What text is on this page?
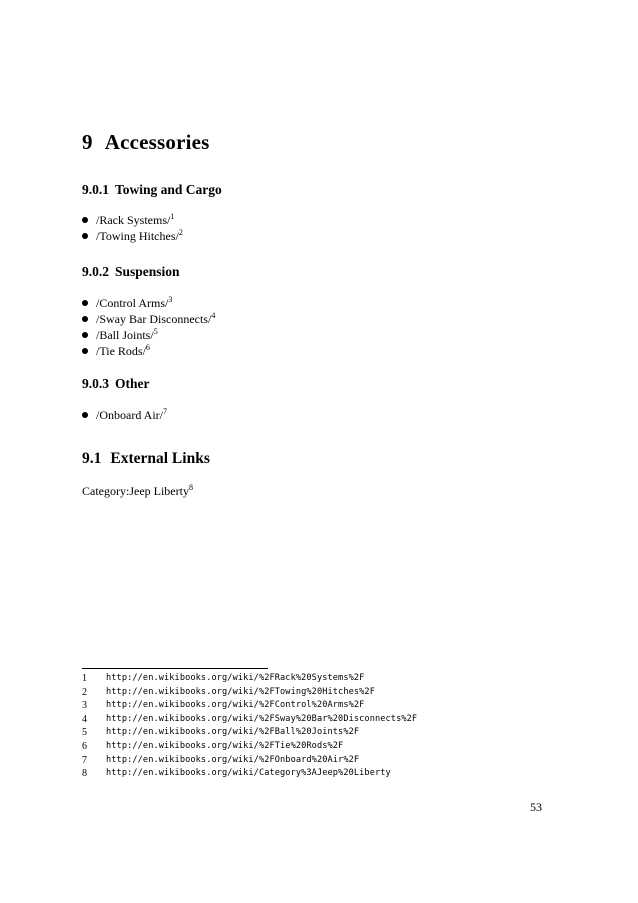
9 Accessories
9.0.1 Towing and Cargo
/Rack Systems/$^1$
/Towing Hitches/$^2$
9.0.2 Suspension
/Control Arms/$^3$
/Sway Bar Disconnects/$^4$
/Ball Joints/$^5$
/Tie Rods/$^6$
9.0.3 Other
/Onboard Air/$^7$
9.1 External Links
Category:Jeep Liberty$^8$
1 http://en.wikibooks.org/wiki/%2FRack%20Systems%2F
2 http://en.wikibooks.org/wiki/%2FTowing%20Hitches%2F
3 http://en.wikibooks.org/wiki/%2FControl%20Arms%2F
4 http://en.wikibooks.org/wiki/%2FSway%20Bar%20Disconnects%2F
5 http://en.wikibooks.org/wiki/%2FBall%20Joints%2F
6 http://en.wikibooks.org/wiki/%2FTie%20Rods%2F
7 http://en.wikibooks.org/wiki/%2FOnboard%20Air%2F
8 http://en.wikibooks.org/wiki/Category%3AJeep%20Liberty
53
